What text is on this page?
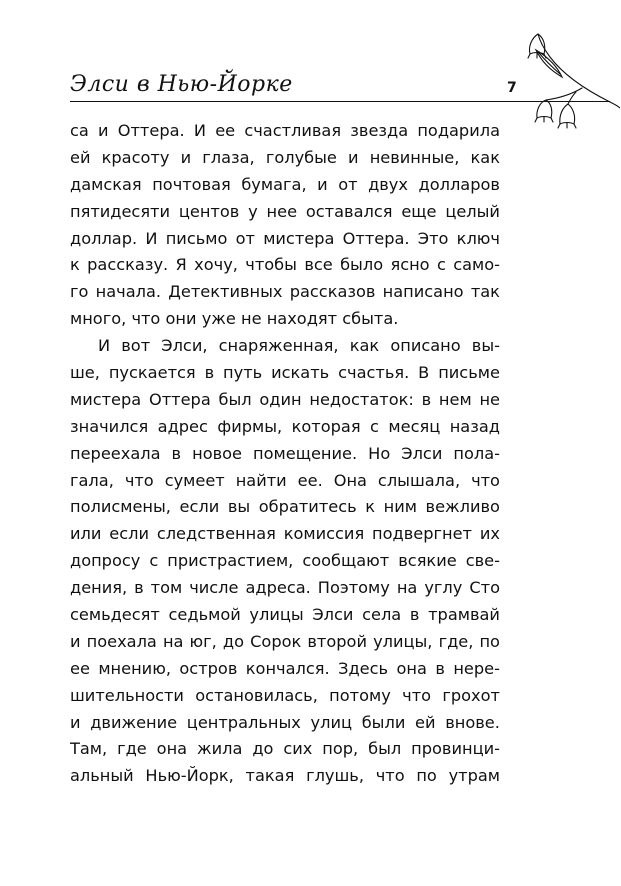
Элси в Нью-Йорке	7
са и Оттера. И ее счастливая звезда подарила
ей красоту и глаза, голубые и невинные, как
дамская почтовая бумага, и от двух долларов
пятидесяти центов у нее оставался еще целый
доллар. И письмо от мистера Оттера. Это ключ
к рассказу. Я хочу, чтобы все было ясно с само-
го начала. Детективных рассказов написано так
много, что они уже не находят сбыта.
И вот Элси, снаряженная, как описано вы-
ше, пускается в путь искать счастья. В письме
мистера Оттера был один недостаток: в нем не
значился адрес фирмы, которая с месяц назад
переехала в новое помещение. Но Элси пола-
гала, что сумеет найти ее. Она слышала, что
полисмены, если вы обратитесь к ним вежливо
или если следственная комиссия подвергнет их
допросу с пристрастием, сообщают всякие све-
дения, в том числе адреса. Поэтому на углу Сто
семьдесят седьмой улицы Элси села в трамвай
и поехала на юг, до Сорок второй улицы, где, по
ее мнению, остров кончался. Здесь она в нере-
шительности остановилась, потому что грохот
и движение центральных улиц были ей внове.
Там, где она жила до сих пор, был провинци-
альный Нью-Йорк, такая глушь, что по утрам
